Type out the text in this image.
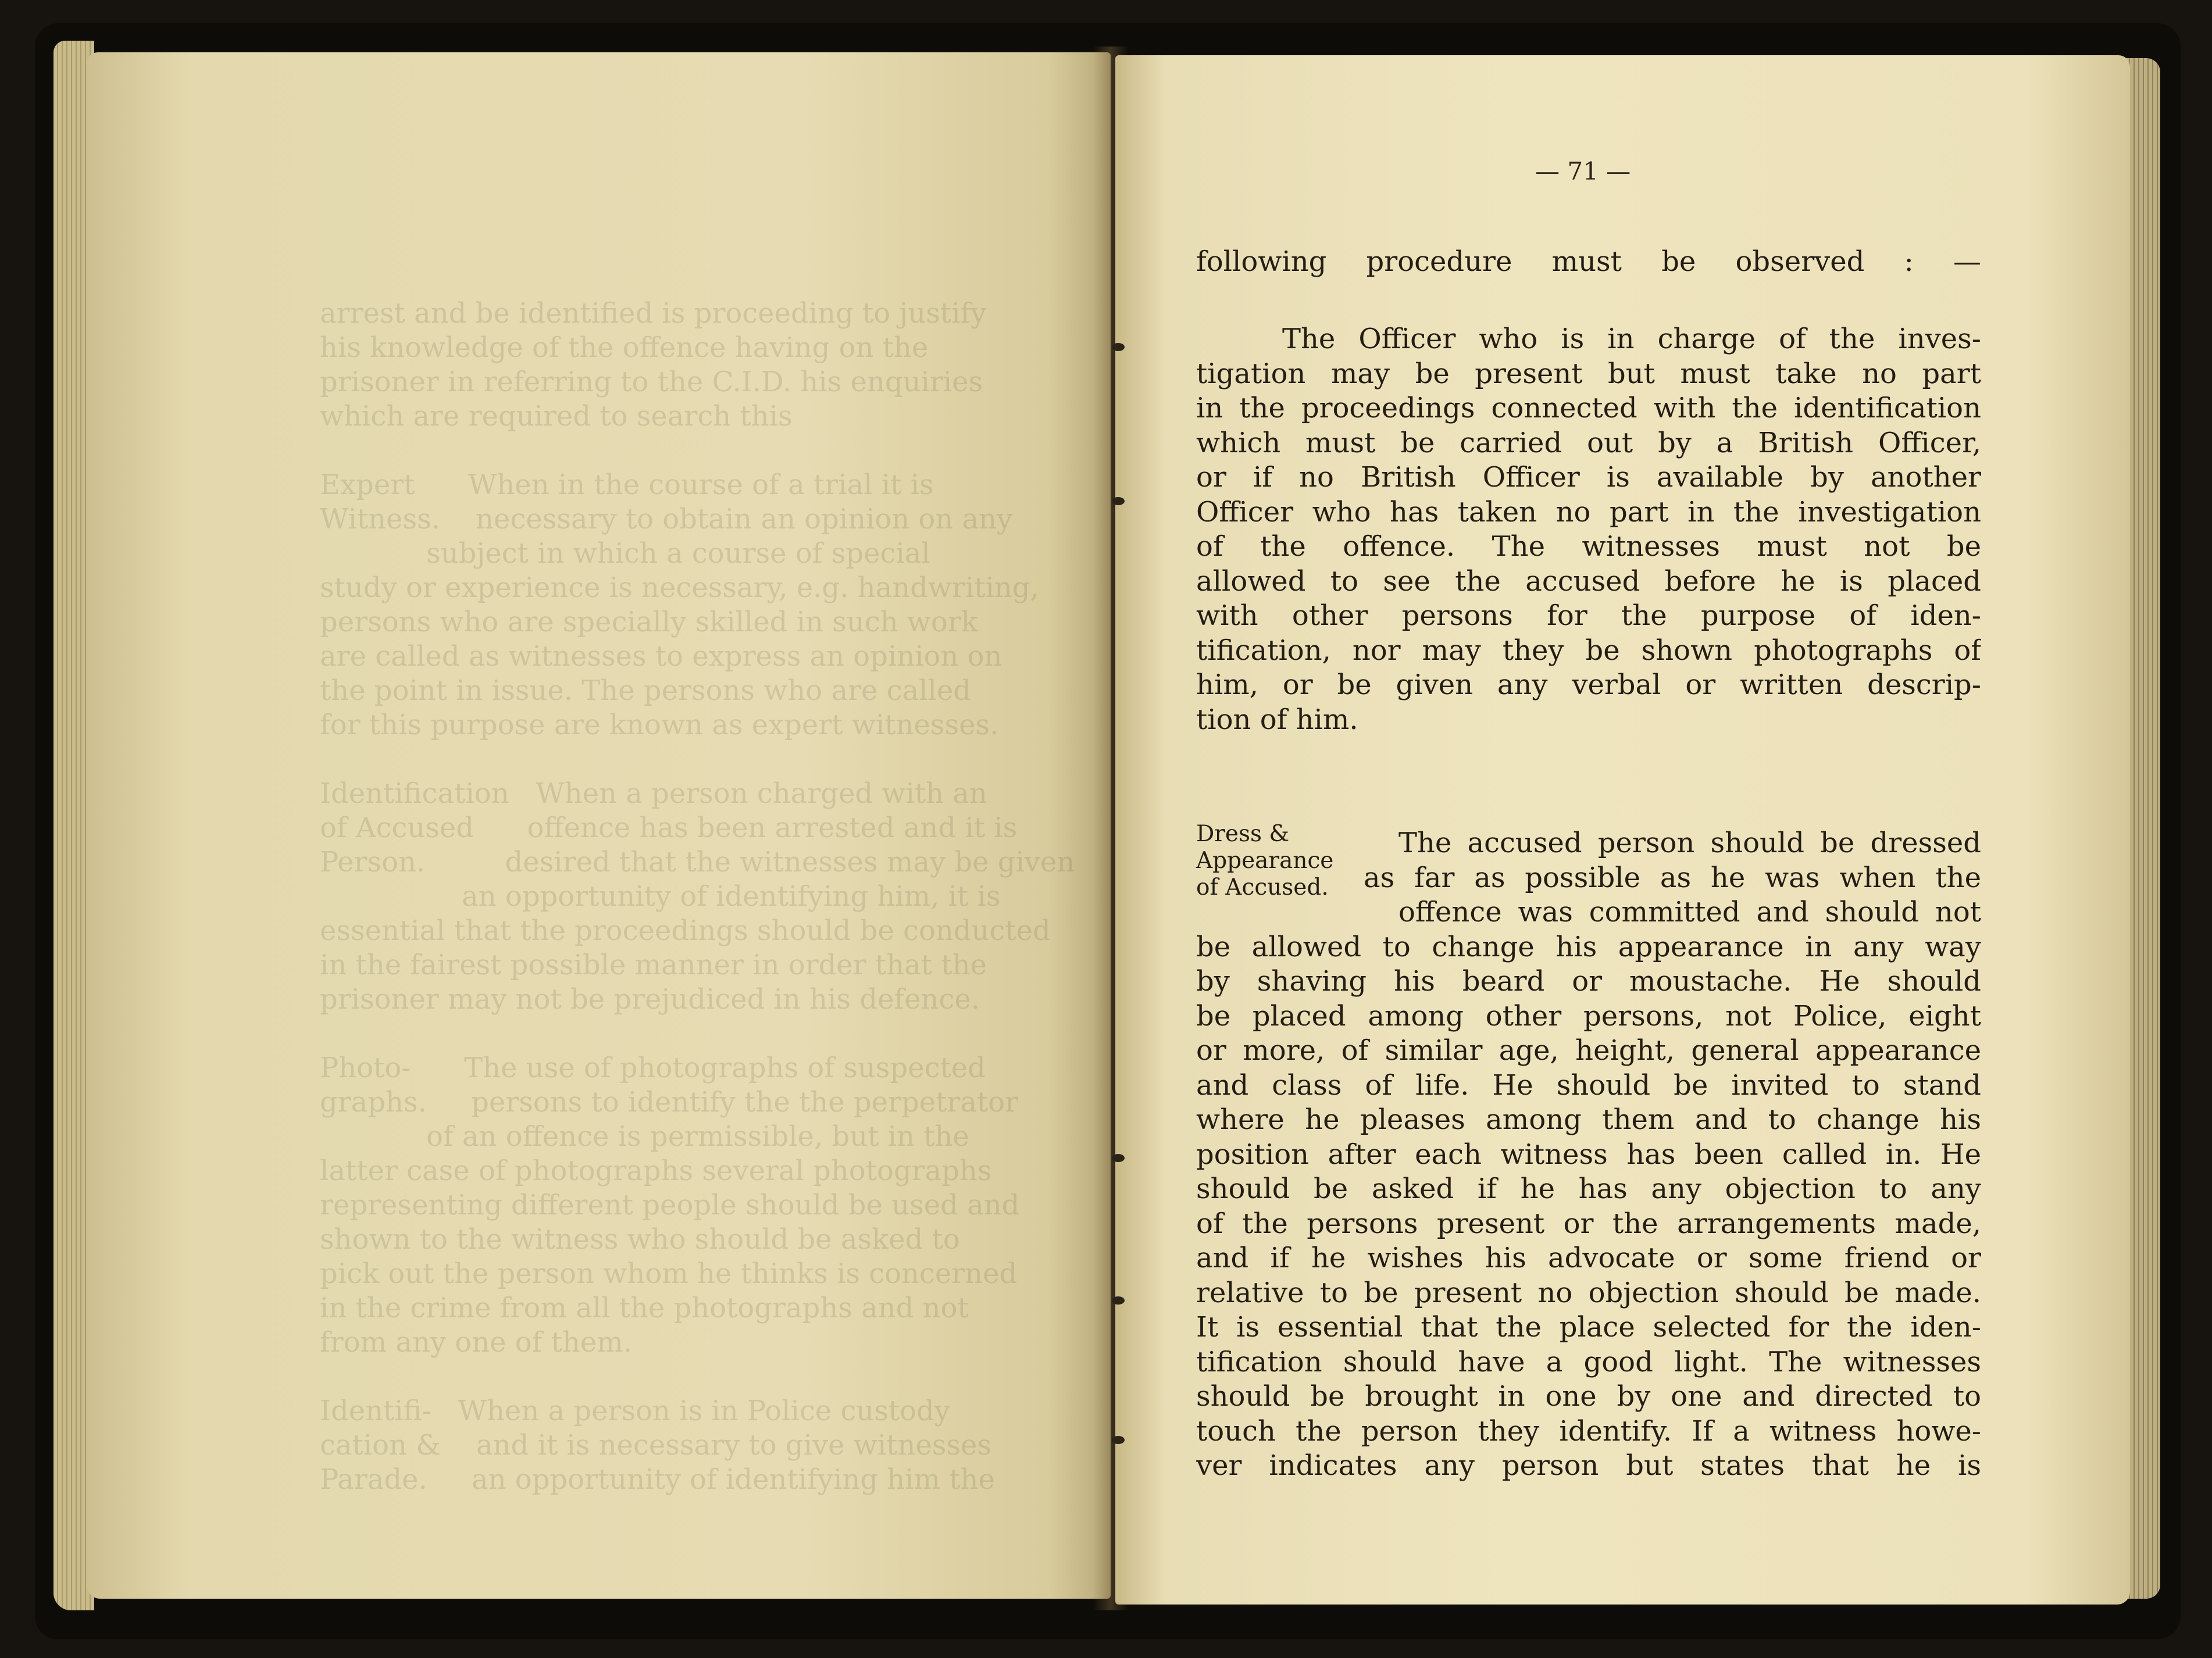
arrest and be identified is proceeding to justify
his knowledge of the offence having on the
prisoner in referring to the C.I.D. his enquiries
which are required to search this

Expert      When in the course of a trial it is
Witness.    necessary to obtain an opinion on any
subject in which a course of special
study or experience is necessary, e.g. handwriting,
persons who are specially skilled in such work
are called as witnesses to express an opinion on
the point in issue. The persons who are called
for this purpose are known as expert witnesses.

Identification   When a person charged with an
of Accused      offence has been arrested and it is
Person.         desired that the witnesses may be given
an opportunity of identifying him, it is
essential that the proceedings should be conducted
in the fairest possible manner in order that the
prisoner may not be prejudiced in his defence.

Photo-      The use of photographs of suspected
graphs.     persons to identify the the perpetrator
of an offence is permissible, but in the
latter case of photographs several photographs
representing different people should be used and
shown to the witness who should be asked to
pick out the person whom he thinks is concerned
in the crime from all the photographs and not
from any one of them.

Identifi-   When a person is in Police custody
cation &    and it is necessary to give witnesses
Parade.     an opportunity of identifying him the
— 71 —
following procedure must be observed : —
The Officer who is in charge of the inves-
tigation may be present but must take no part
in the proceedings connected with the identification
which must be carried out by a British Officer,
or if no British Officer is available by another
Officer who has taken no part in the investigation
of the offence. The witnesses must not be
allowed to see the accused before he is placed
with other persons for the purpose of iden-
tification, nor may they be shown photographs of
him, or be given any verbal or written descrip-
tion of him.
Dress &
Appearance
of Accused.
The accused person should be dressed
as far as possible as he was when the
offence was committed and should not
be allowed to change his appearance in any way
by shaving his beard or moustache. He should
be placed among other persons, not Police, eight
or more, of similar age, height, general appearance
and class of life. He should be invited to stand
where he pleases among them and to change his
position after each witness has been called in. He
should be asked if he has any objection to any
of the persons present or the arrangements made,
and if he wishes his advocate or some friend or
relative to be present no objection should be made.
It is essential that the place selected for the iden-
tification should have a good light. The witnesses
should be brought in one by one and directed to
touch the person they identify. If a witness howe-
ver indicates any person but states that he is
